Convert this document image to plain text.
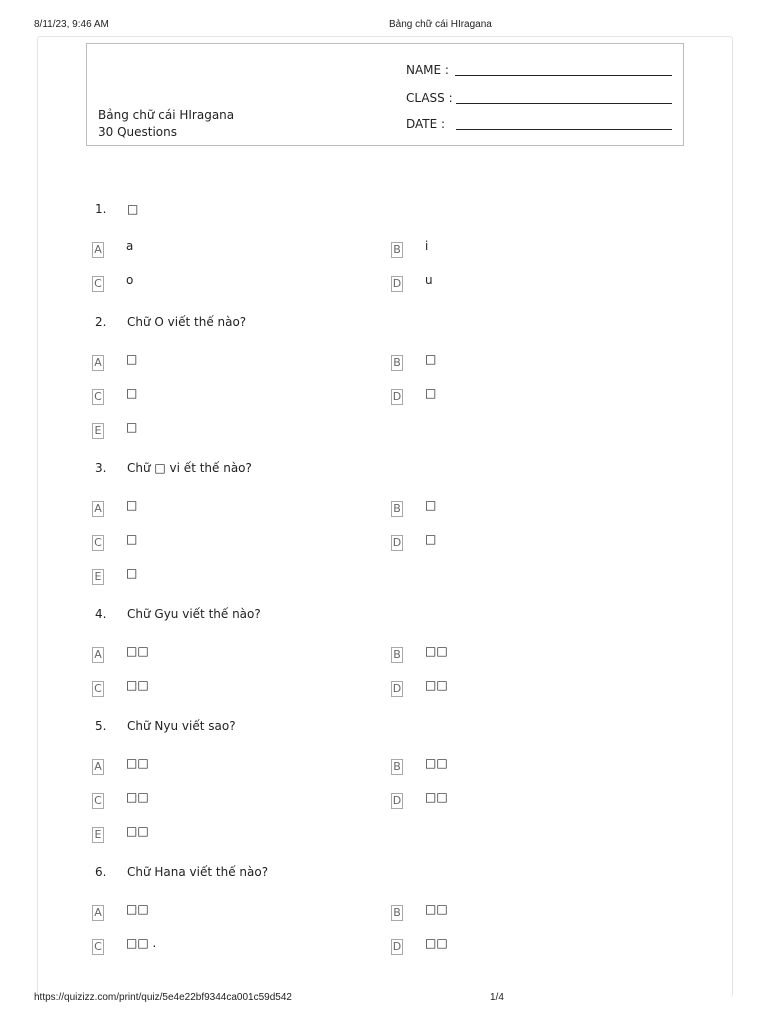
8/11/23, 9:46 AM	Bảng chữ cái HIragana
Bảng chữ cái HIragana
30 Questions
NAME :
CLASS :
DATE :
1. □
A a	B i
C o	D u
2. Chữ O viết thế nào?
A □	B □
C □	D □
E □
3. Chữ □ vi ết thế nào?
A □	B □
C □	D □
E □
4. Chữ Gyu viết thế nào?
A □□	B □□
C □□	D □□
5. Chữ Nyu viết sao?
A □□	B □□
C □□	D □□
E □□
6. Chữ Hana viết thế nào?
A □□	B □□
C □□ .	D □□
https://quizizz.com/print/quiz/5e4e22bf9344ca001c59d542	1/4
